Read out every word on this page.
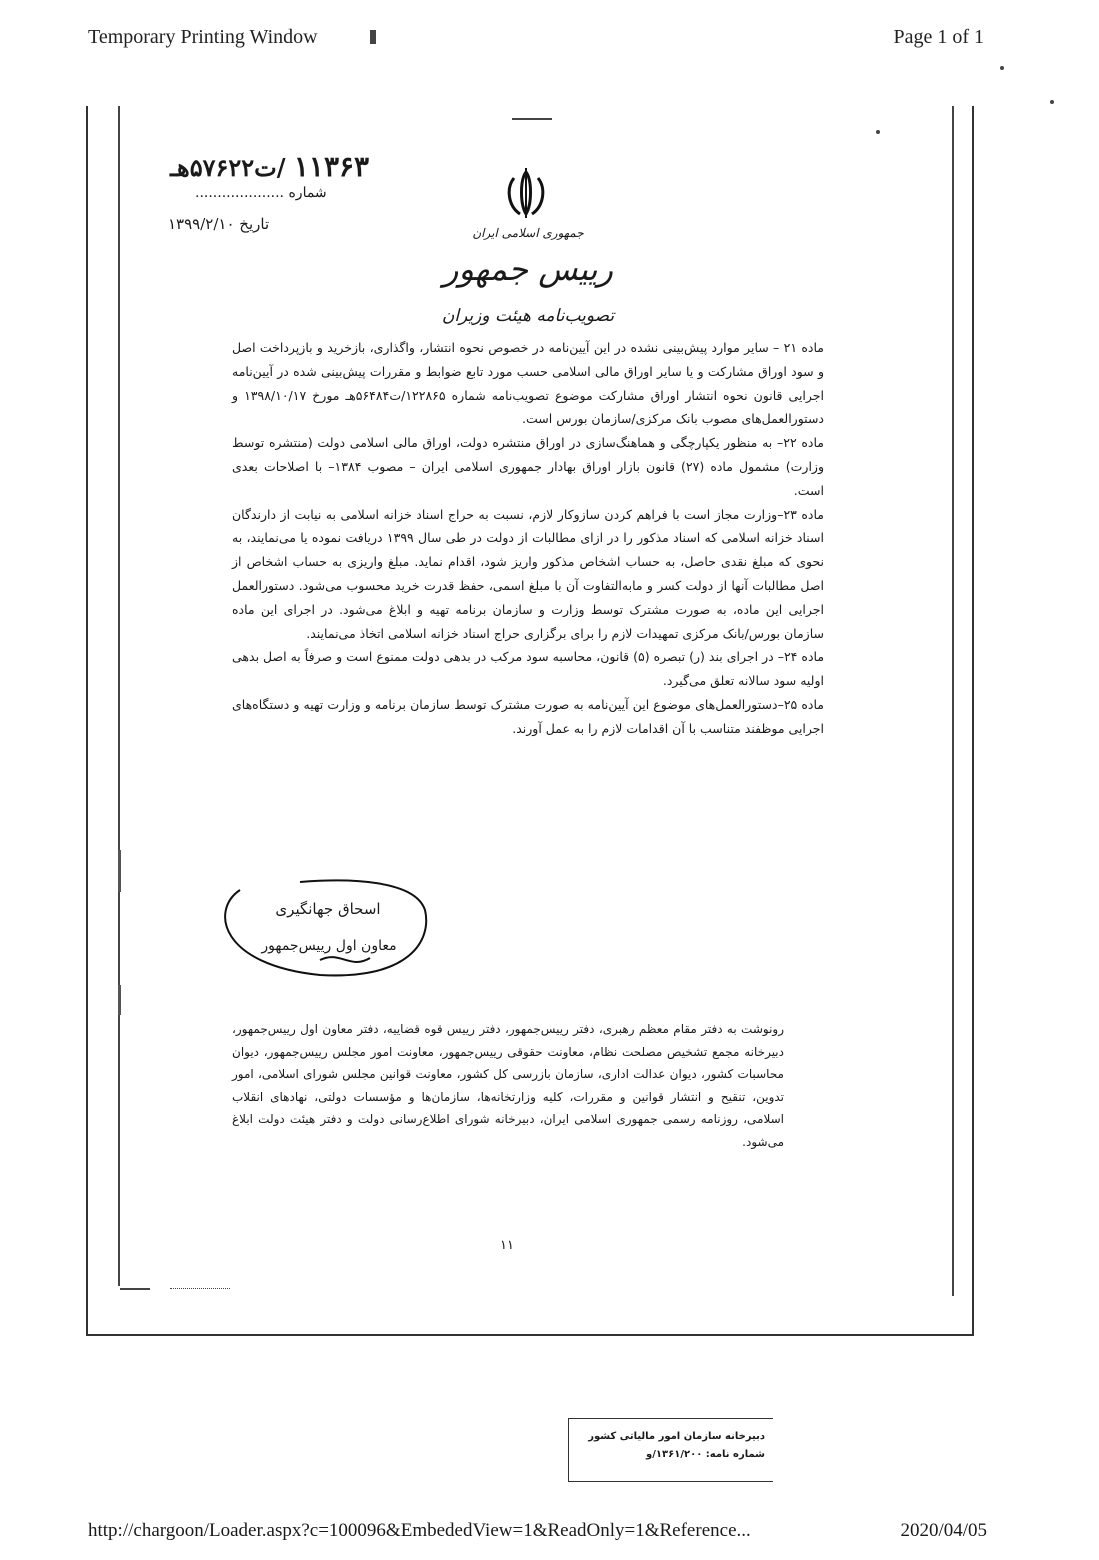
Temporary Printing Window	Page 1 of 1
۱۱۳۶۳ /ت۵۷۶۲۲هـ
شماره ....................
تاریخ ۱۳۹۹/۲/۱۰	جمهوری اسلامی ایران
رییس جمهور
تصویب‌نامه هیئت وزیران

ماده ۲۱ – سایر موارد پیش‌بینی نشده در این آیین‌نامه در خصوص نحوه انتشار، واگذاری، بازخرید و بازپرداخت اصل و سود اوراق مشارکت و یا سایر اوراق مالی اسلامی حسب مورد تابع ضوابط و مقررات پیش‌بینی شده در آیین‌نامه اجرایی قانون نحوه انتشار اوراق مشارکت موضوع تصویب‌نامه شماره ۱۲۲۸۶۵/ت۵۶۴۸۴هـ مورخ ۱۳۹۸/۱۰/۱۷ و دستورالعمل‌های مصوب بانک مرکزی/سازمان بورس است.

ماده ۲۲– به منظور یکپارچگی و هماهنگ‌سازی در اوراق منتشره دولت، اوراق مالی اسلامی دولت (منتشره توسط وزارت) مشمول ماده (۲۷) قانون بازار اوراق بهادار جمهوری اسلامی ایران – مصوب ۱۳۸۴– با اصلاحات بعدی است.

ماده ۲۳–وزارت مجاز است با فراهم کردن سازوکار لازم، نسبت به حراج اسناد خزانه اسلامی به نیابت از دارندگان اسناد خزانه اسلامی که اسناد مذکور را در ازای مطالبات از دولت در طی سال ۱۳۹۹ دریافت نموده یا می‌نمایند، به نحوی که مبلغ نقدی حاصل، به حساب اشخاص مذکور واریز شود، اقدام نماید. مبلغ واریزی به حساب اشخاص از اصل مطالبات آنها از دولت کسر و مابه‌التفاوت آن با مبلغ اسمی، حفظ قدرت خرید محسوب می‌شود. دستورالعمل اجرایی این ماده، به صورت مشترک توسط وزارت و سازمان برنامه تهیه و ابلاغ می‌شود. در اجرای این ماده سازمان بورس/بانک مرکزی تمهیدات لازم را برای برگزاری حراج اسناد خزانه اسلامی اتخاذ می‌نمایند.

ماده ۲۴– در اجرای بند (ر) تبصره (۵) قانون، محاسبه سود مرکب در بدهی دولت ممنوع است و صرفاً به اصل بدهی اولیه سود سالانه تعلق می‌گیرد.

ماده ۲۵–دستورالعمل‌های موضوع این آیین‌نامه به صورت مشترک توسط سازمان برنامه و وزارت تهیه و دستگاه‌های اجرایی موظفند متناسب با آن اقدامات لازم را به عمل آورند.

اسحاق جهانگیری
معاون اول رییس‌جمهور

رونوشت به دفتر مقام معظم رهبری، دفتر رییس‌جمهور، دفتر رییس قوه قضاییه، دفتر معاون اول رییس‌جمهور، دبیرخانه مجمع تشخیص مصلحت نظام، معاونت حقوقی رییس‌جمهور، معاونت امور مجلس رییس‌جمهور، دیوان محاسبات کشور، دیوان عدالت اداری، سازمان بازرسی کل کشور، معاونت قوانین مجلس شورای اسلامی، امور تدوین، تنقیح و انتشار قوانین و مقررات، کلیه وزارتخانه‌ها، سازمان‌ها و مؤسسات دولتی، نهادهای انقلاب اسلامی، روزنامه رسمی جمهوری اسلامی ایران، دبیرخانه شورای اطلاع‌رسانی دولت و دفتر هیئت دولت ابلاغ می‌شود.

۱۱
دبیرخانه سازمان امور مالیاتی کشور
شماره نامه: ۱۳۶۱/۲۰۰/و
http://chargoon/Loader.aspx?c=100096&EmbededView=1&ReadOnly=1&Reference...	2020/04/05
